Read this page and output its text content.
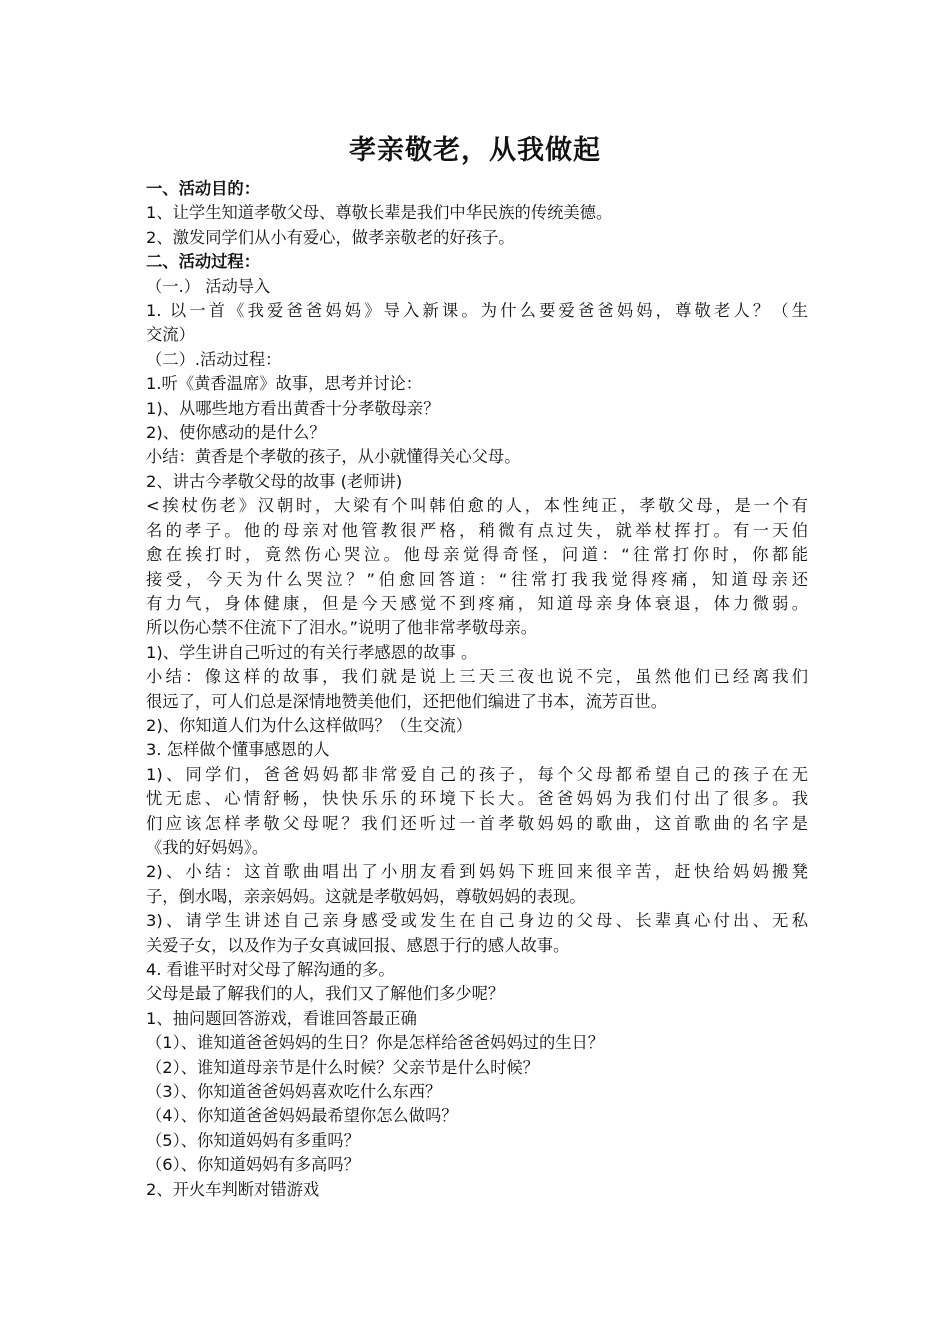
孝亲敬老，从我做起

一、活动目的：

1、让学生知道孝敬父母、尊敬长辈是我们中华民族的传统美德。

2、激发同学们从小有爱心，做孝亲敬老的好孩子。

二、活动过程：

（一.） 活动导入

1. 以一首《我爱爸爸妈妈》导入新课。为什么要爱爸爸妈妈，尊敬老人？（生

交流）

（二）.活动过程：

1.听《黄香温席》故事，思考并讨论：

1)、从哪些地方看出黄香十分孝敬母亲？

2)、使你感动的是什么？

小结：黄香是个孝敬的孩子，从小就懂得关心父母。

2、讲古今孝敬父母的故事 (老师讲)

<挨杖伤老》汉朝时，大梁有个叫韩伯愈的人，本性纯正，孝敬父母，是一个有

名的孝子。他的母亲对他管教很严格，稍微有点过失，就举杖挥打。有一天伯

愈在挨打时，竟然伤心哭泣。他母亲觉得奇怪，问道：“往常打你时，你都能

接受，今天为什么哭泣？”伯愈回答道：“往常打我我觉得疼痛，知道母亲还

有力气，身体健康，但是今天感觉不到疼痛，知道母亲身体衰退，体力微弱。

所以伤心禁不住流下了泪水。”说明了他非常孝敬母亲。

1)、学生讲自己听过的有关行孝感恩的故事 。

小结：像这样的故事，我们就是说上三天三夜也说不完，虽然他们已经离我们

很远了，可人们总是深情地赞美他们，还把他们编进了书本，流芳百世。

2)、你知道人们为什么这样做吗？（生交流）

3. 怎样做个懂事感恩的人

1)、同学们，爸爸妈妈都非常爱自己的孩子，每个父母都希望自己的孩子在无

忧无虑、心情舒畅，快快乐乐的环境下长大。爸爸妈妈为我们付出了很多。我

们应该怎样孝敬父母呢？我们还听过一首孝敬妈妈的歌曲，这首歌曲的名字是

《我的好妈妈》。

2)、小结：这首歌曲唱出了小朋友看到妈妈下班回来很辛苦，赶快给妈妈搬凳

子，倒水喝，亲亲妈妈。这就是孝敬妈妈，尊敬妈妈的表现。

3)、请学生讲述自己亲身感受或发生在自己身边的父母、长辈真心付出、无私

关爱子女，以及作为子女真诚回报、感恩于行的感人故事。

4. 看谁平时对父母了解沟通的多。

父母是最了解我们的人，我们又了解他们多少呢？

1、抽问题回答游戏，看谁回答最正确

（1）、谁知道爸爸妈妈的生日？你是怎样给爸爸妈妈过的生日？

（2）、谁知道母亲节是什么时候？父亲节是什么时候？

（3）、你知道爸爸妈妈喜欢吃什么东西？

（4）、你知道爸爸妈妈最希望你怎么做吗？

（5）、你知道妈妈有多重吗？

（6）、你知道妈妈有多高吗？

2、开火车判断对错游戏
